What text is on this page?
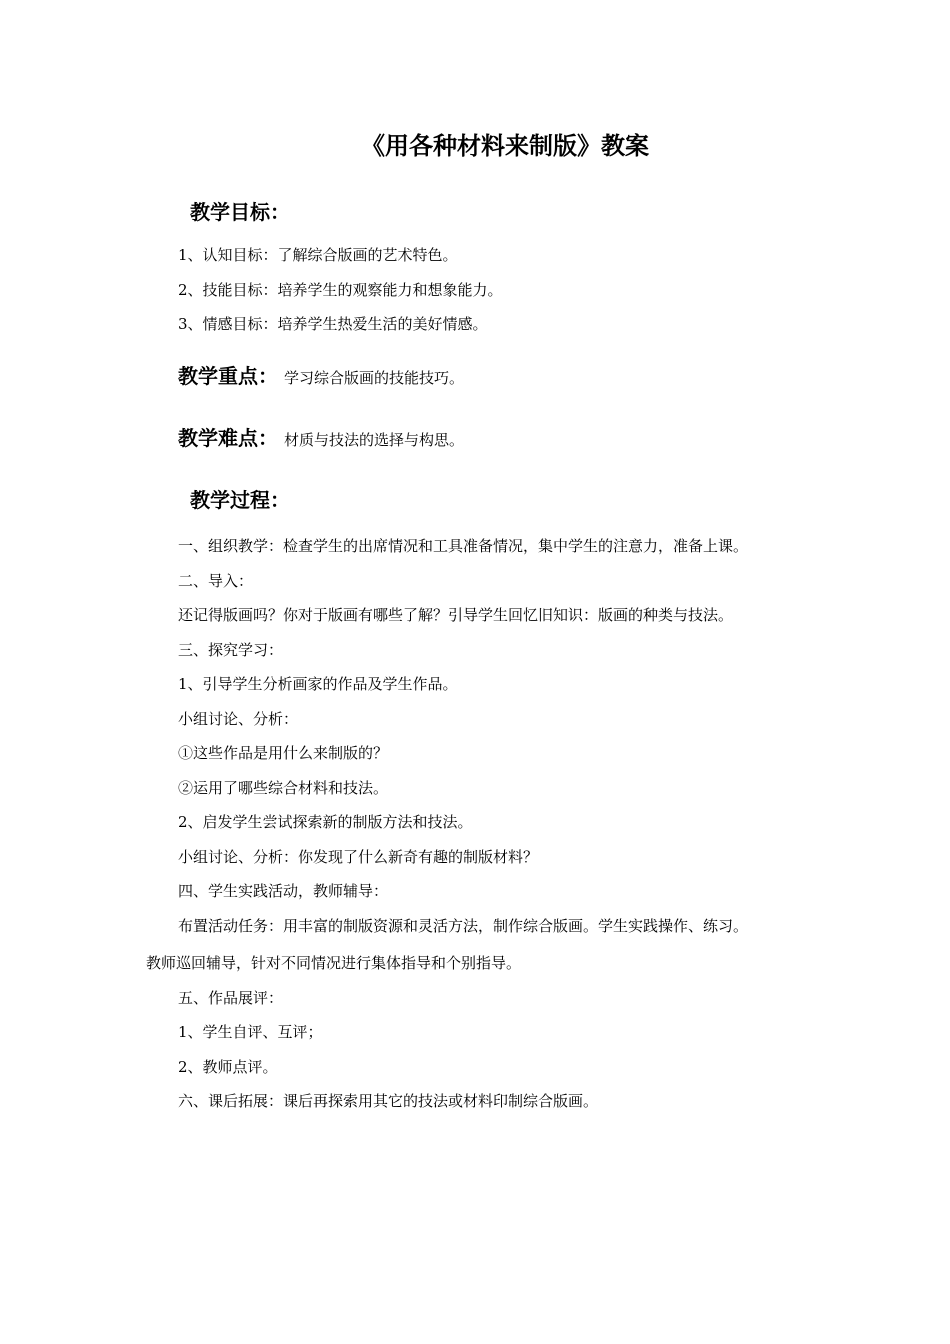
《用各种材料来制版》教案
教学目标：
1、认知目标：了解综合版画的艺术特色。
2、技能目标：培养学生的观察能力和想象能力。
3、情感目标：培养学生热爱生活的美好情感。
教学重点： 学习综合版画的技能技巧。
教学难点： 材质与技法的选择与构思。
教学过程：
一、组织教学：检查学生的出席情况和工具准备情况，集中学生的注意力，准备上课。
二、导入：
还记得版画吗？你对于版画有哪些了解？引导学生回忆旧知识：版画的种类与技法。
三、探究学习：
1、引导学生分析画家的作品及学生作品。
小组讨论、分析：
①这些作品是用什么来制版的？
②运用了哪些综合材料和技法。
2、启发学生尝试探索新的制版方法和技法。
小组讨论、分析：你发现了什么新奇有趣的制版材料？
四、学生实践活动，教师辅导：
布置活动任务：用丰富的制版资源和灵活方法，制作综合版画。学生实践操作、练习。
教师巡回辅导，针对不同情况进行集体指导和个别指导。
五、作品展评：
1、学生自评、互评；
2、教师点评。
六、课后拓展：课后再探索用其它的技法或材料印制综合版画。
